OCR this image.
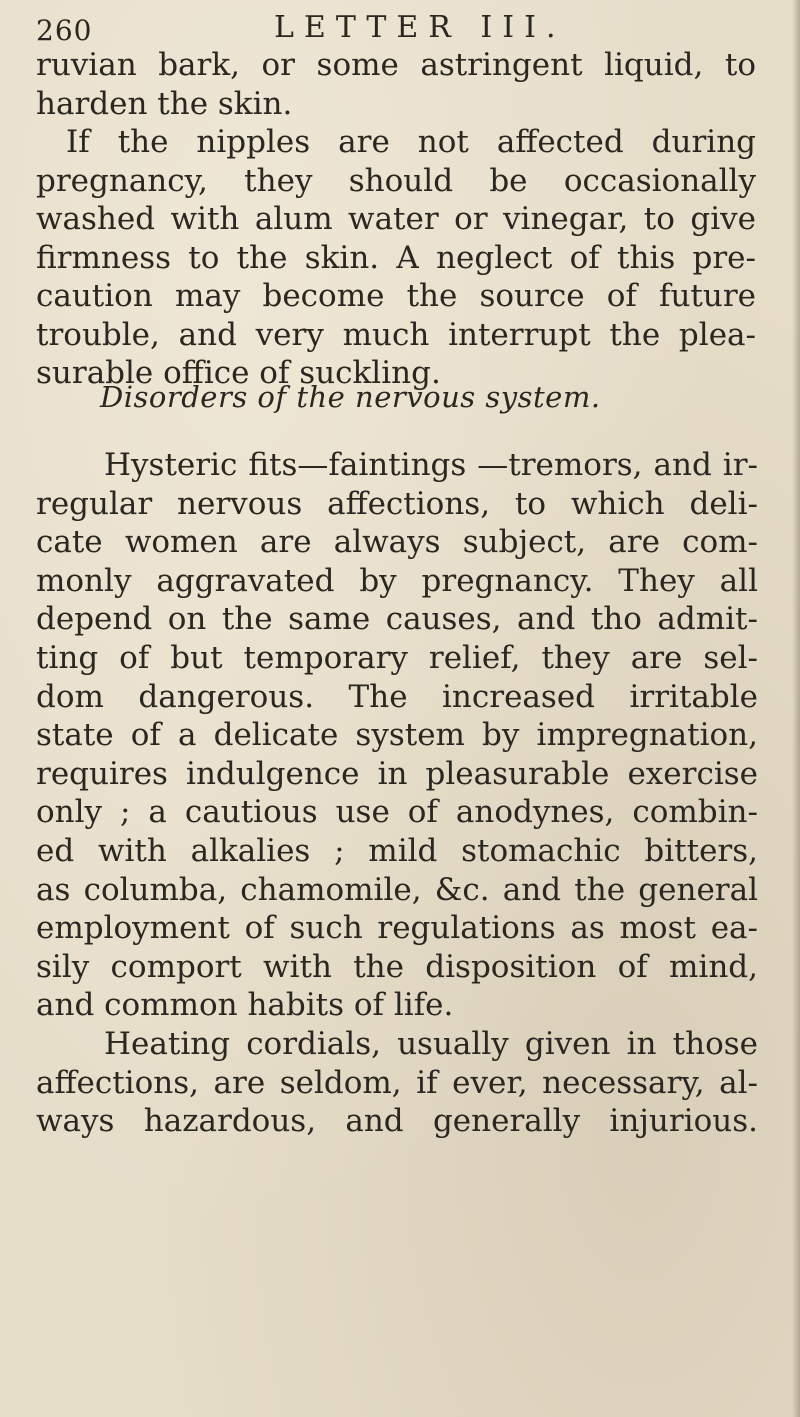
260	LETTER III.
ruvian bark, or some astringent liquid, to
harden the skin.
If the nipples are not affected during
pregnancy, they should be occasionally
washed with alum water or vinegar, to give
firmness to the skin. A neglect of this pre-
caution may become the source of future
trouble, and very much interrupt the plea-
surable office of suckling.
Disorders of the nervous system.
Hysteric fits—faintings —tremors, and ir-
regular nervous affections, to which deli-
cate women are always subject, are com-
monly aggravated by pregnancy. They all
depend on the same causes, and tho admit-
ting of but temporary relief, they are sel-
dom dangerous. The increased irritable
state of a delicate system by impregnation,
requires indulgence in pleasurable exercise
only ; a cautious use of anodynes, combin-
ed with alkalies ; mild stomachic bitters,
as columba, chamomile, &c. and the general
employment of such regulations as most ea-
sily comport with the disposition of mind,
and common habits of life.
Heating cordials, usually given in those
affections, are seldom, if ever, necessary, al-
ways hazardous, and generally injurious.
